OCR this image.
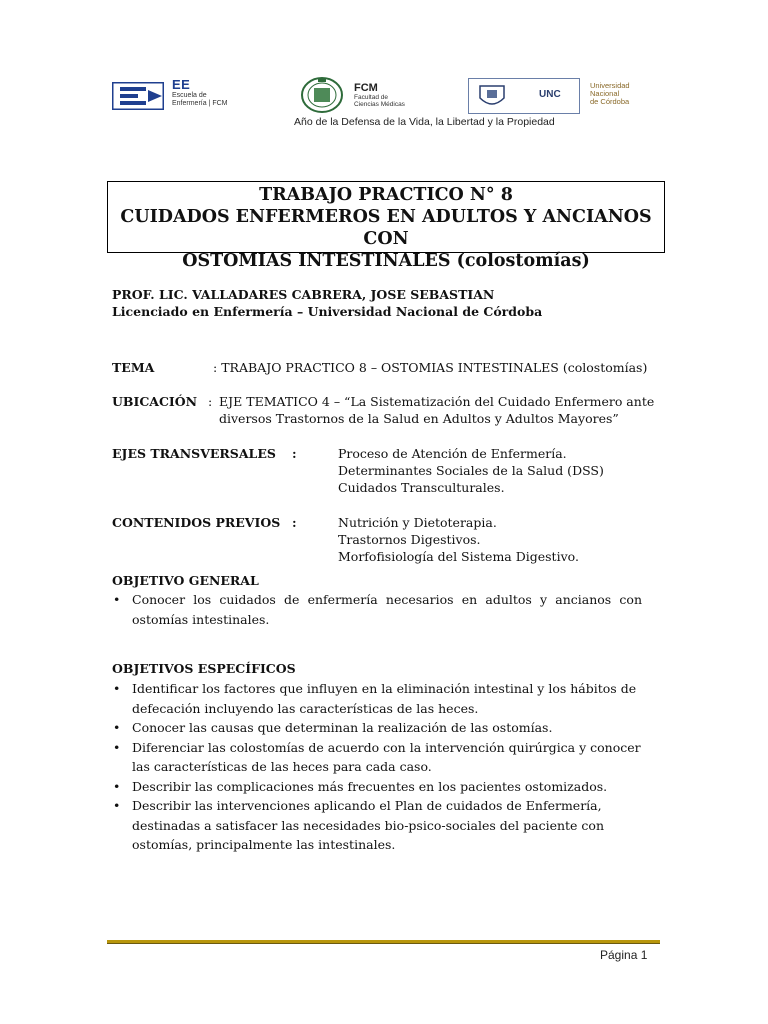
EE
Escuela de
Enfermería | FCM
FCM
Facultad de
Ciencias Médicas
UNC
Universidad
Nacional
de Córdoba
Año de la Defensa de la Vida, la Libertad y la Propiedad
TRABAJO PRACTICO N° 8
CUIDADOS ENFERMEROS EN ADULTOS Y ANCIANOS CON
OSTOMIAS INTESTINALES (colostomías)
PROF. LIC. VALLADARES CABRERA, JOSE SEBASTIAN
Licenciado en Enfermería – Universidad Nacional de Córdoba
TEMA	: TRABAJO PRACTICO 8 – OSTOMIAS INTESTINALES (colostomías)
UBICACIÓN : EJE TEMATICO 4 – “La Sistematización del Cuidado Enfermero ante
diversos Trastornos de la Salud en Adultos y Adultos Mayores”
EJES TRANSVERSALES :	Proceso de Atención de Enfermería.
Determinantes Sociales de la Salud (DSS)
Cuidados Transculturales.
CONTENIDOS PREVIOS :	Nutrición y Dietoterapia.
Trastornos Digestivos.
Morfofisiología del Sistema Digestivo.
OBJETIVO GENERAL
• Conocer los cuidados de enfermería necesarios en adultos y ancianos con ostomías intestinales.
OBJETIVOS ESPECÍFICOS
• Identificar los factores que influyen en la eliminación intestinal y los hábitos de defecación incluyendo las características de las heces.
• Conocer las causas que determinan la realización de las ostomías.
• Diferenciar las colostomías de acuerdo con la intervención quirúrgica y conocer las características de las heces para cada caso.
• Describir las complicaciones más frecuentes en los pacientes ostomizados.
• Describir las intervenciones aplicando el Plan de cuidados de Enfermería, destinadas a satisfacer las necesidades bio-psico-sociales del paciente con ostomías, principalmente las intestinales.
Página 1
